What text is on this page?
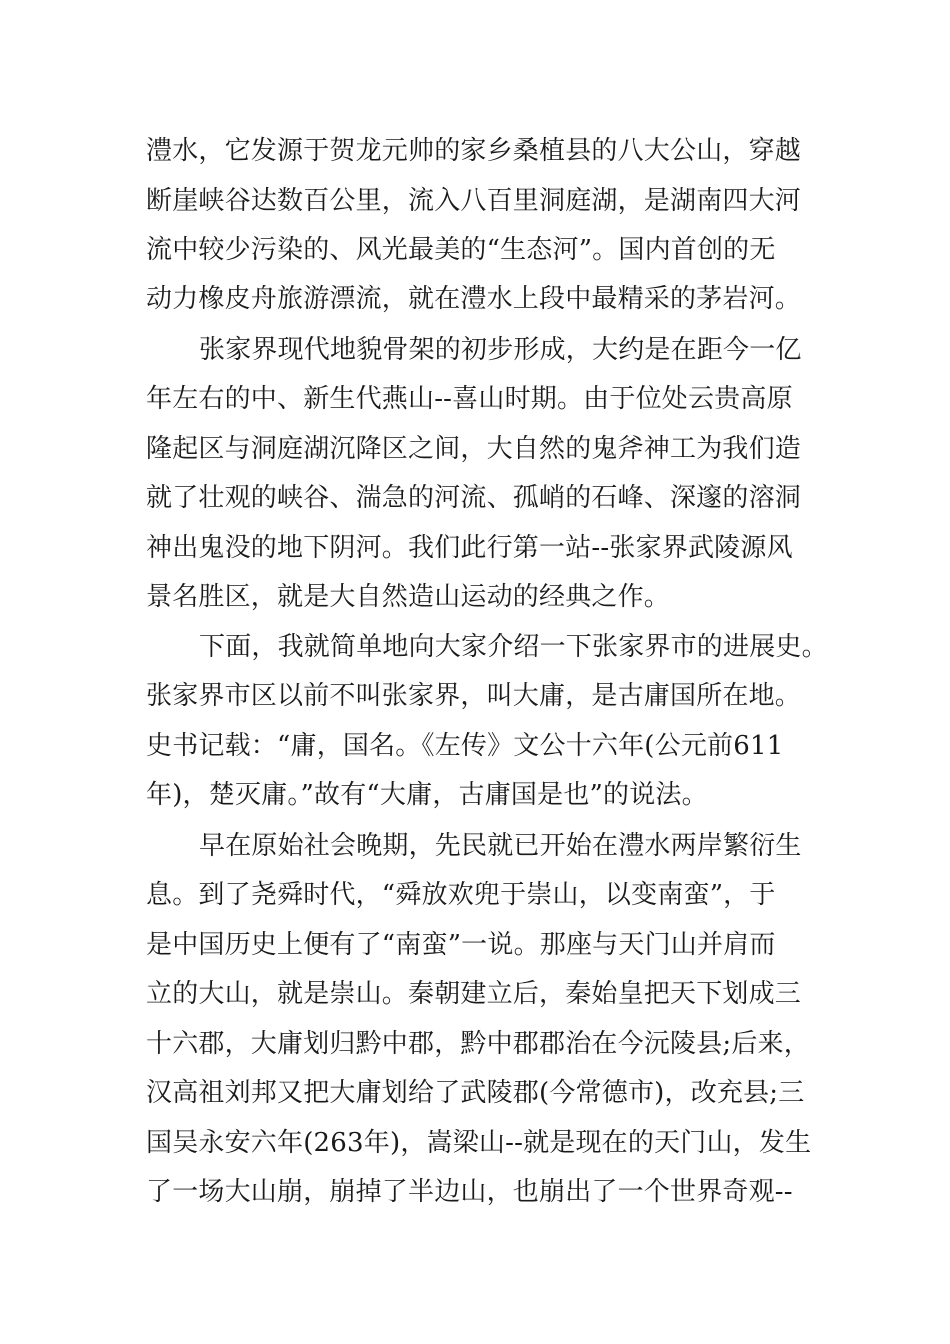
澧水，它发源于贺龙元帅的家乡桑植县的八大公山，穿越
断崖峡谷达数百公里，流入八百里洞庭湖，是湖南四大河
流中较少污染的、风光最美的“生态河”。国内首创的无
动力橡皮舟旅游漂流，就在澧水上段中最精采的茅岩河。
张家界现代地貌骨架的初步形成，大约是在距今一亿
年左右的中、新生代燕山--喜山时期。由于位处云贵高原
隆起区与洞庭湖沉降区之间，大自然的鬼斧神工为我们造
就了壮观的峡谷、湍急的河流、孤峭的石峰、深邃的溶洞
神出鬼没的地下阴河。我们此行第一站--张家界武陵源风
景名胜区，就是大自然造山运动的经典之作。
下面，我就简单地向大家介绍一下张家界市的进展史。
张家界市区以前不叫张家界，叫大庸，是古庸国所在地。
史书记载：“庸，国名。《左传》文公十六年(公元前611
年)，楚灭庸。”故有“大庸，古庸国是也”的说法。
早在原始社会晚期，先民就已开始在澧水两岸繁衍生
息。到了尧舜时代，“舜放欢兜于崇山，以变南蛮”，于
是中国历史上便有了“南蛮”一说。那座与天门山并肩而
立的大山，就是崇山。秦朝建立后，秦始皇把天下划成三
十六郡，大庸划归黔中郡，黔中郡郡治在今沅陵县;后来，
汉高祖刘邦又把大庸划给了武陵郡(今常德市)，改充县;三
国吴永安六年(263年)，嵩梁山--就是现在的天门山，发生
了一场大山崩，崩掉了半边山，也崩出了一个世界奇观--
